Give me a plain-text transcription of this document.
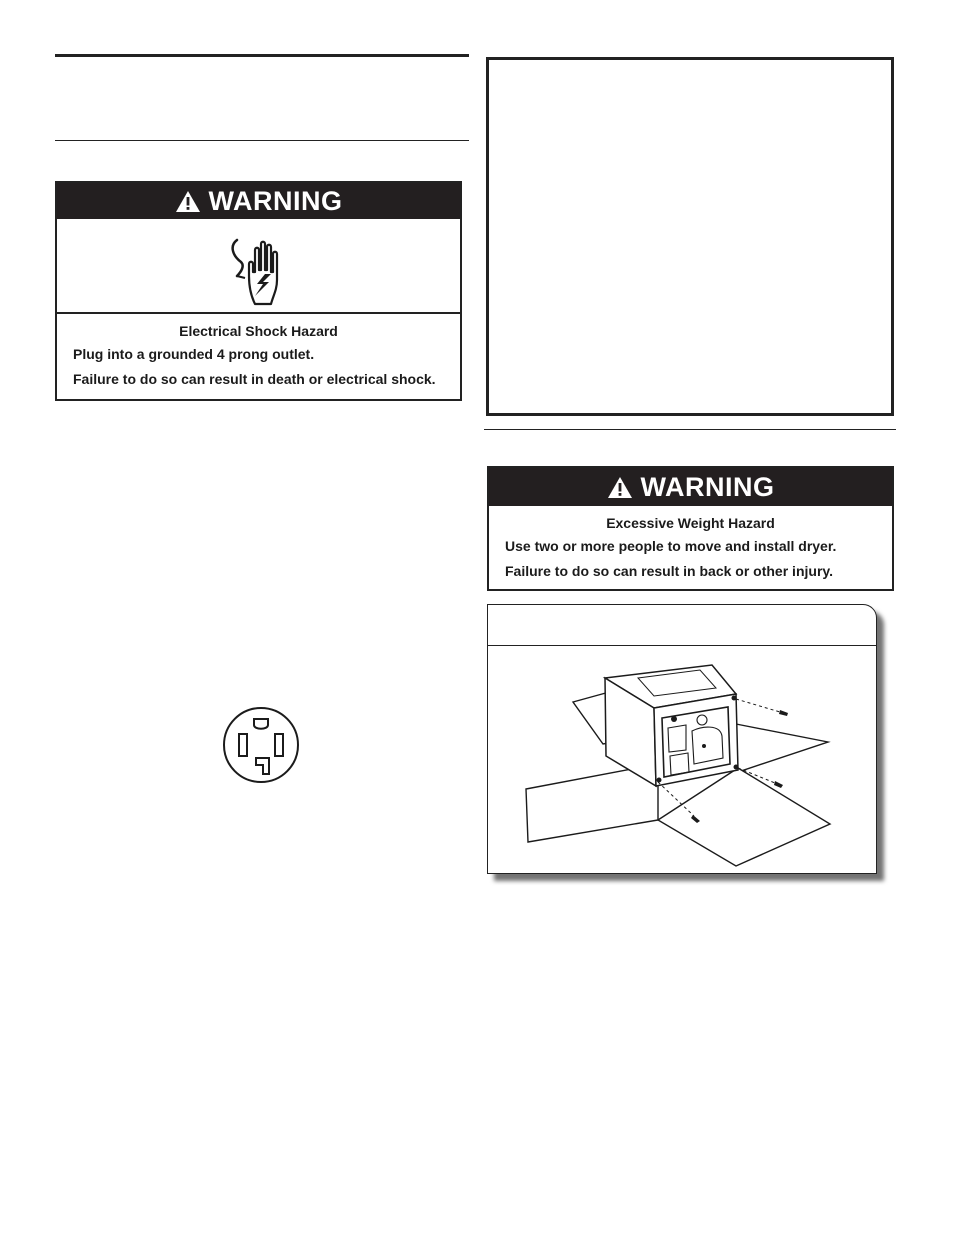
WARNING
Electrical Shock Hazard
Plug into a grounded 4 prong outlet.
Failure to do so can result in death or electrical shock.
WARNING
Excessive Weight Hazard
Use two or more people to move and install dryer.
Failure to do so can result in back or other injury.
